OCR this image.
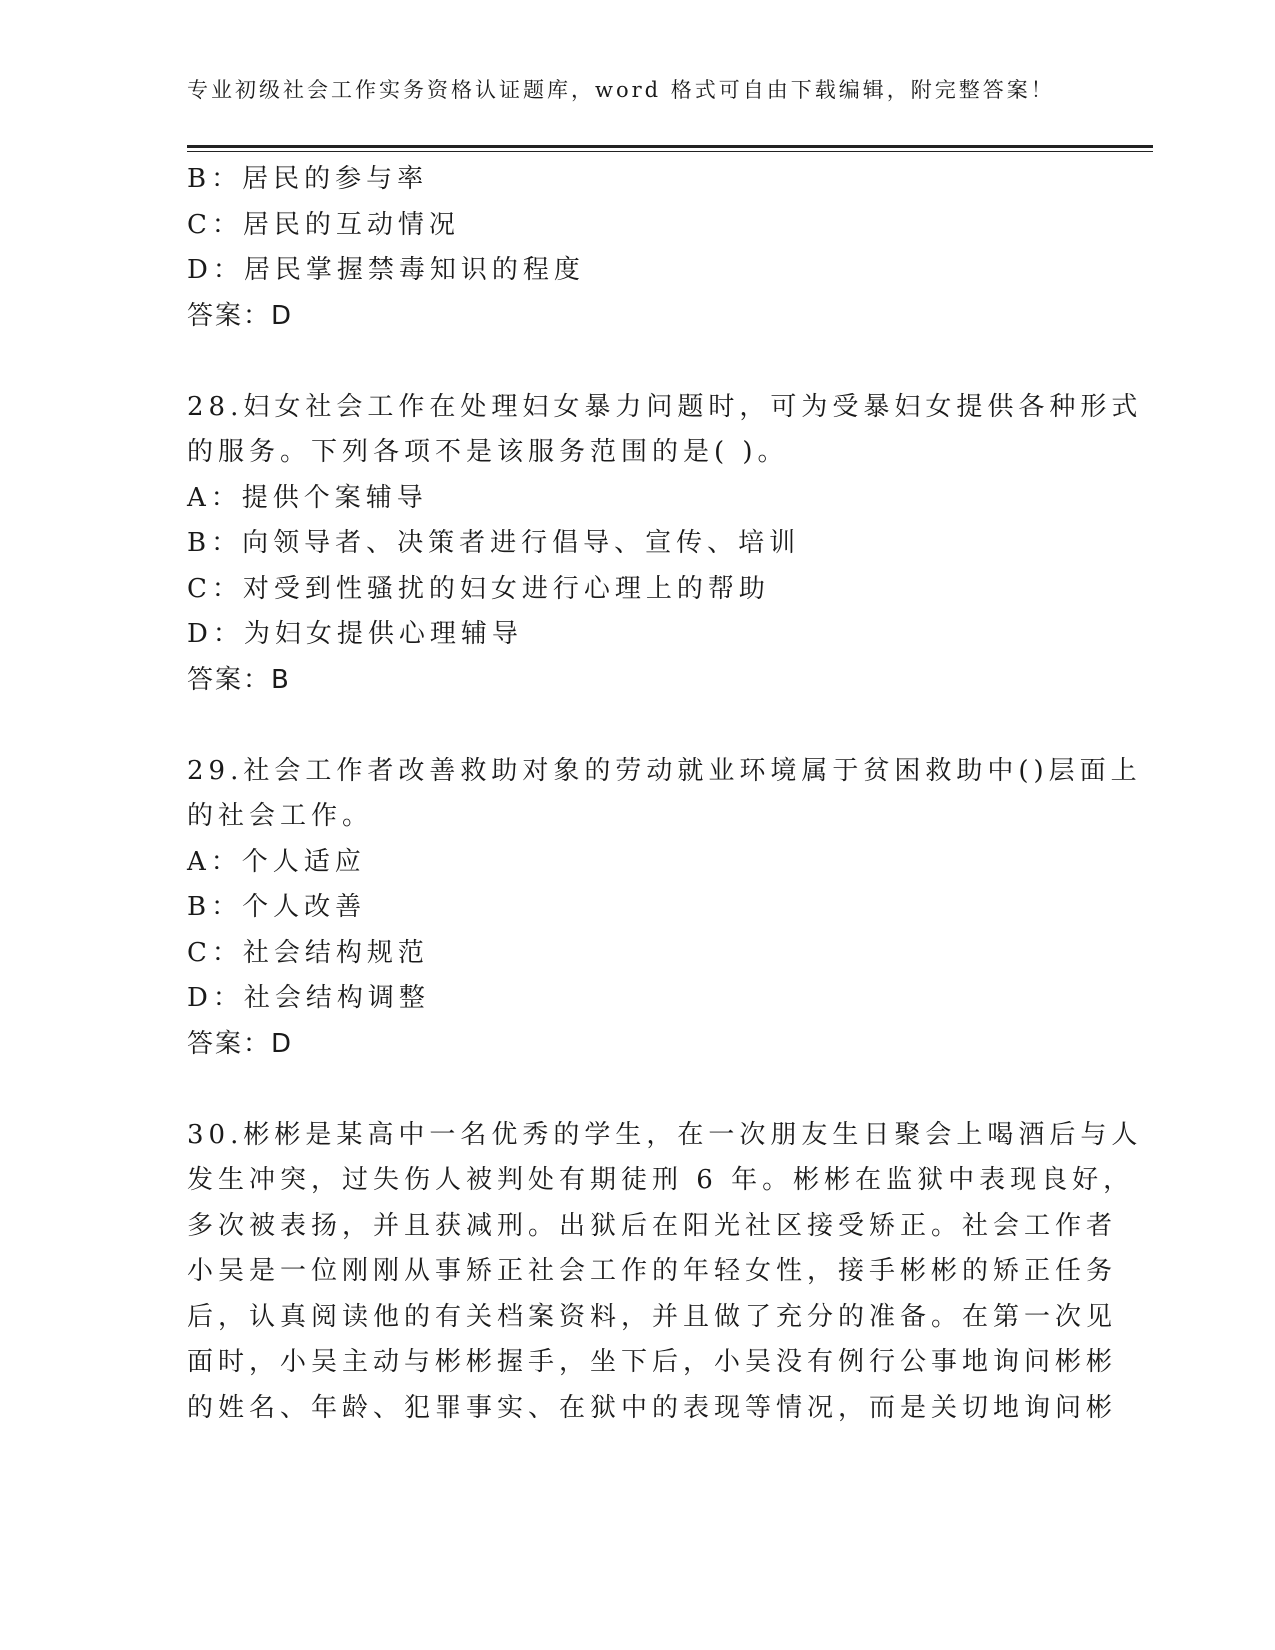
专业初级社会工作实务资格认证题库，word 格式可自由下载编辑，附完整答案！
B：居民的参与率
C：居民的互动情况
D：居民掌握禁毒知识的程度
答案：D
28.妇女社会工作在处理妇女暴力问题时，可为受暴妇女提供各种形式
的服务。下列各项不是该服务范围的是( )。
A：提供个案辅导
B：向领导者、决策者进行倡导、宣传、培训
C：对受到性骚扰的妇女进行心理上的帮助
D：为妇女提供心理辅导
答案：B
29.社会工作者改善救助对象的劳动就业环境属于贫困救助中()层面上
的社会工作。
A：个人适应
B：个人改善
C：社会结构规范
D：社会结构调整
答案：D
30.彬彬是某高中一名优秀的学生，在一次朋友生日聚会上喝酒后与人
发生冲突，过失伤人被判处有期徒刑 6 年。彬彬在监狱中表现良好，
多次被表扬，并且获减刑。出狱后在阳光社区接受矫正。社会工作者
小吴是一位刚刚从事矫正社会工作的年轻女性，接手彬彬的矫正任务
后，认真阅读他的有关档案资料，并且做了充分的准备。在第一次见
面时，小吴主动与彬彬握手，坐下后，小吴没有例行公事地询问彬彬
的姓名、年龄、犯罪事实、在狱中的表现等情况，而是关切地询问彬
